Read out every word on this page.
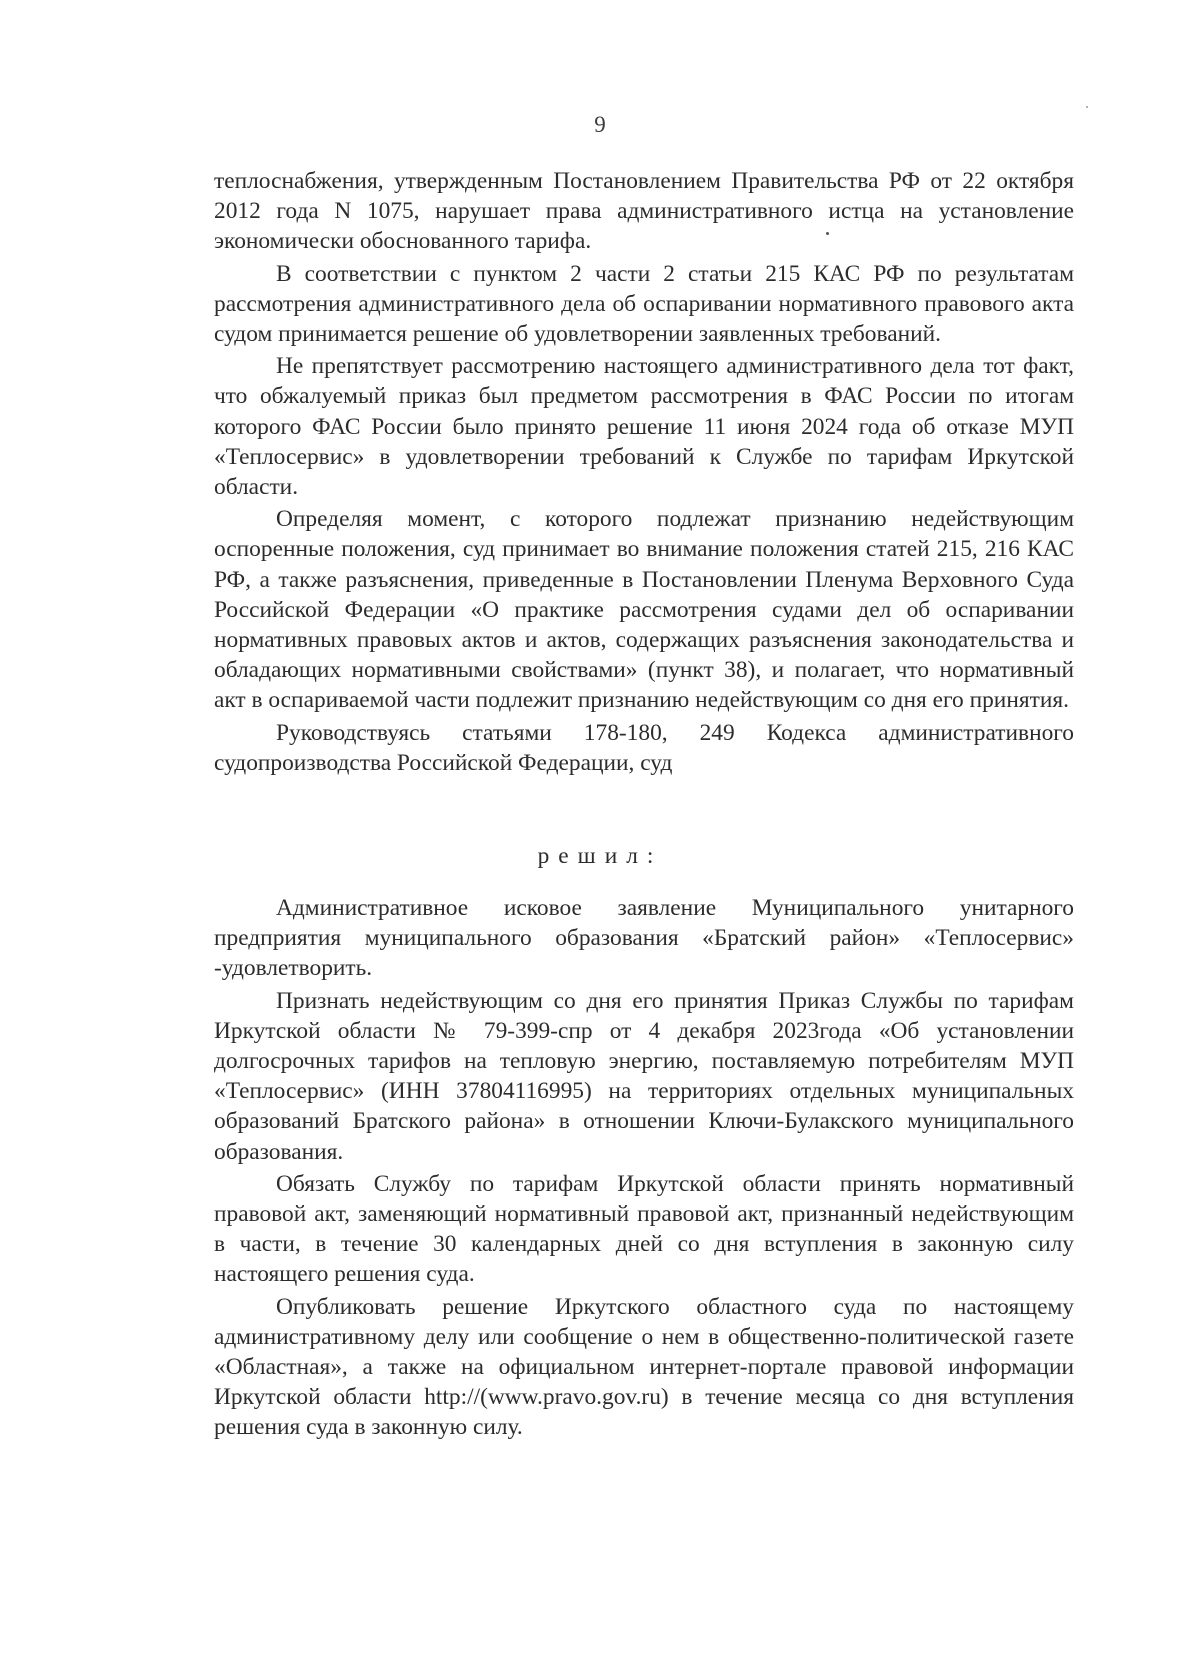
9

теплоснабжения, утвержденным Постановлением Правительства РФ от 22 октября 2012 года N 1075, нарушает права административного истца на установление экономически обоснованного тарифа.

В соответствии с пунктом 2 части 2 статьи 215 КАС РФ по результатам рассмотрения административного дела об оспаривании нормативного правового акта судом принимается решение об удовлетворении заявленных требований.

Не препятствует рассмотрению настоящего административного дела тот факт, что обжалуемый приказ был предметом рассмотрения в ФАС России по итогам которого ФАС России было принято решение 11 июня 2024 года об отказе МУП «Теплосервис» в удовлетворении требований к Службе по тарифам Иркутской области.

Определяя момент, с которого подлежат признанию недействующим оспоренные положения, суд принимает во внимание положения статей 215, 216 КАС РФ, а также разъяснения, приведенные в Постановлении Пленума Верховного Суда Российской Федерации «О практике рассмотрения судами дел об оспаривании нормативных правовых актов и актов, содержащих разъяснения законодательства и обладающих нормативными свойствами» (пункт 38), и полагает, что нормативный акт в оспариваемой части подлежит признанию недействующим со дня его принятия.

Руководствуясь статьями 178-180, 249 Кодекса административного судопроизводства Российской Федерации, суд

решил:

Административное исковое заявление Муниципального унитарного предприятия муниципального образования «Братский район» «Теплосервис» -удовлетворить.

Признать недействующим со дня его принятия Приказ Службы по тарифам Иркутской области № 79-399-спр от 4 декабря 2023года «Об установлении долгосрочных тарифов на тепловую энергию, поставляемую потребителям МУП «Теплосервис» (ИНН 37804116995) на территориях отдельных муниципальных образований Братского района» в отношении Ключи-Булакского муниципального образования.

Обязать Службу по тарифам Иркутской области принять нормативный правовой акт, заменяющий нормативный правовой акт, признанный недействующим в части, в течение 30 календарных дней со дня вступления в законную силу настоящего решения суда.

Опубликовать решение Иркутского областного суда по настоящему административному делу или сообщение о нем в общественно-политической газете «Областная», а также на официальном интернет-портале правовой информации Иркутской области http://(www.pravo.gov.ru) в течение месяца со дня вступления решения суда в законную силу.
